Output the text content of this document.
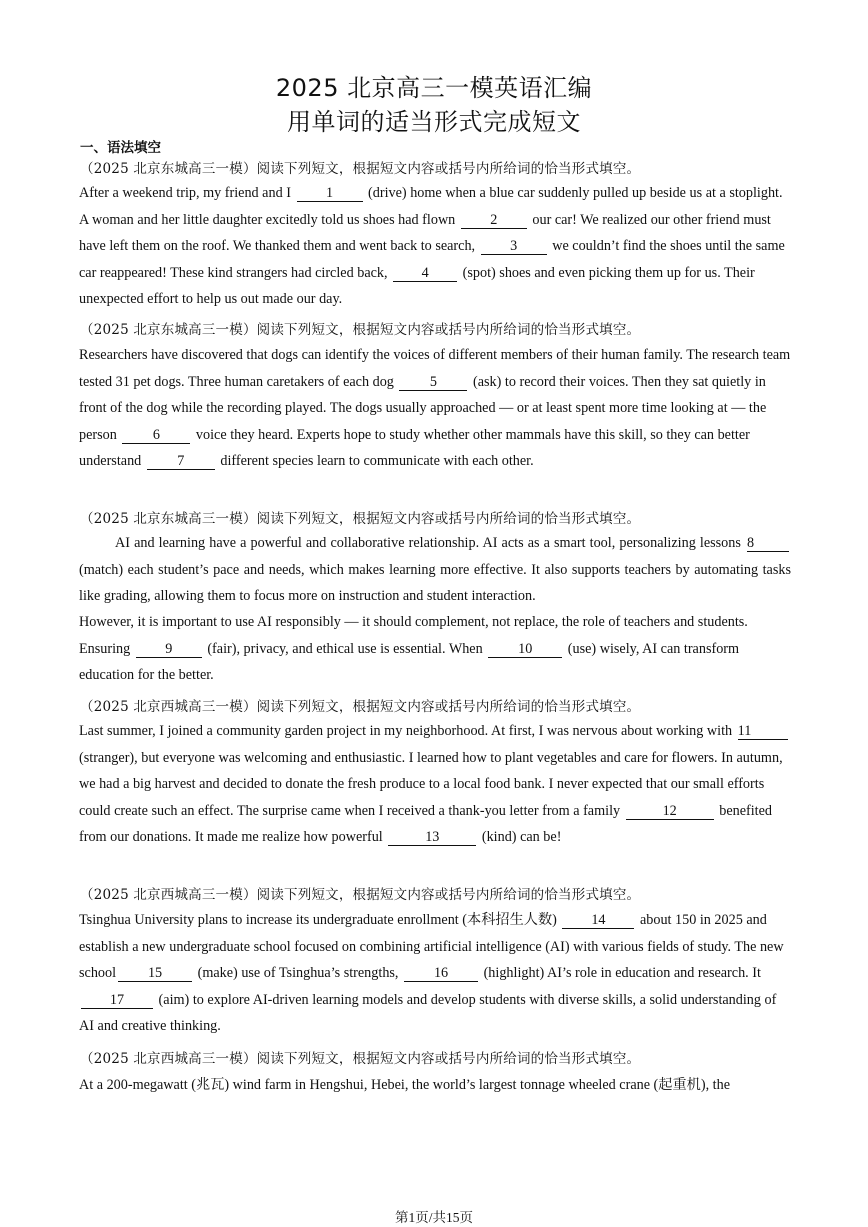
2025 北京高三一模英语汇编
用单词的适当形式完成短文
一、语法填空
（2025 北京东城高三一模）阅读下列短文，根据短文内容或括号内所给词的恰当形式填空。
After a weekend trip, my friend and I 1 (drive) home when a blue car suddenly pulled up beside us at a stoplight. A woman and her little daughter excitedly told us shoes had flown 2 our car! We realized our other friend must have left them on the roof. We thanked them and went back to search, 3 we couldn’t find the shoes until the same car reappeared! These kind strangers had circled back, 4 (spot) shoes and even picking them up for us. Their unexpected effort to help us out made our day.
（2025 北京东城高三一模）阅读下列短文，根据短文内容或括号内所给词的恰当形式填空。
Researchers have discovered that dogs can identify the voices of different members of their human family. The research team tested 31 pet dogs. Three human caretakers of each dog 5 (ask) to record their voices. Then they sat quietly in front of the dog while the recording played. The dogs usually approached — or at least spent more time looking at — the person 6 voice they heard. Experts hope to study whether other mammals have this skill, so they can better understand 7 different species learn to communicate with each other.
（2025 北京东城高三一模）阅读下列短文，根据短文内容或括号内所给词的恰当形式填空。
AI and learning have a powerful and collaborative relationship. AI acts as a smart tool, personalizing lessons 8 (match) each student’s pace and needs, which makes learning more effective. It also supports teachers by automating tasks like grading, allowing them to focus more on instruction and student interaction.
However, it is important to use AI responsibly — it should complement, not replace, the role of teachers and students. Ensuring 9 (fair), privacy, and ethical use is essential. When 10 (use) wisely, AI can transform education for the better.
（2025 北京西城高三一模）阅读下列短文，根据短文内容或括号内所给词的恰当形式填空。
Last summer, I joined a community garden project in my neighborhood. At first, I was nervous about working with 11 (stranger), but everyone was welcoming and enthusiastic. I learned how to plant vegetables and care for flowers. In autumn, we had a big harvest and decided to donate the fresh produce to a local food bank. I never expected that our small efforts could create such an effect. The surprise came when I received a thank-you letter from a family	12	benefited from our donations. It made me realize how powerful	13	(kind) can be!
（2025 北京西城高三一模）阅读下列短文，根据短文内容或括号内所给词的恰当形式填空。
Tsinghua University plans to increase its undergraduate enrollment (本科招生人数) 14 about 150 in 2025 and establish a new undergraduate school focused on combining artificial intelligence (AI) with various fields of study. The new school 15 (make) use of Tsinghua’s strengths, 16 (highlight) AI’s role in education and research. It 17 (aim) to explore AI-driven learning models and develop students with diverse skills, a solid understanding of AI and creative thinking.
（2025 北京西城高三一模）阅读下列短文，根据短文内容或括号内所给词的恰当形式填空。
At a 200-megawatt (兆瓦) wind farm in Hengshui, Hebei, the world’s largest tonnage wheeled crane (起重机), the
第1页/共15页
